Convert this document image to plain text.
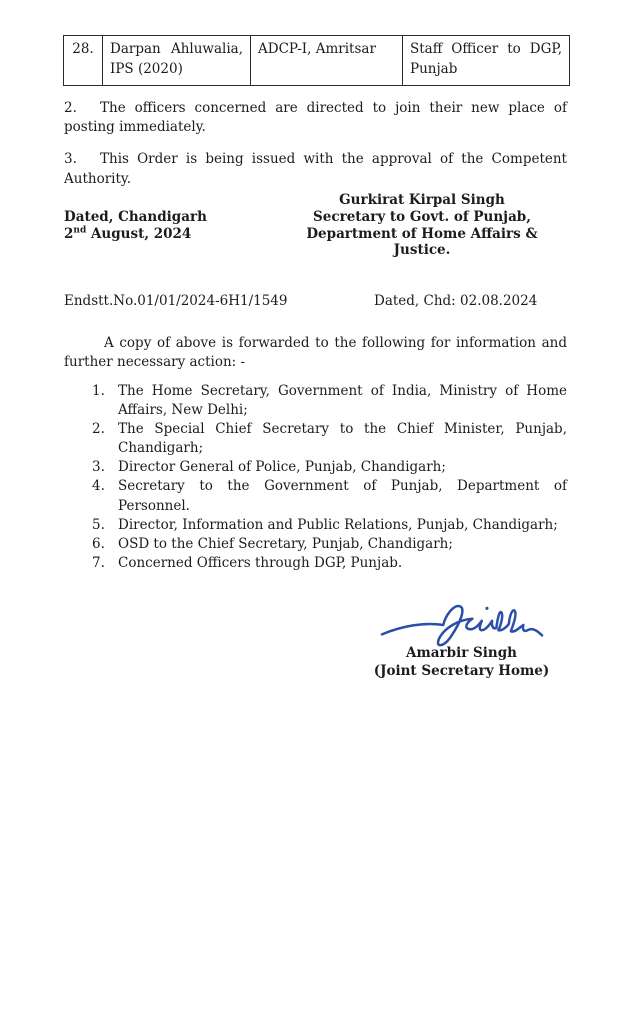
28.	Darpan Ahluwalia, IPS (2020)	ADCP-I, Amritsar	Staff Officer to DGP, Punjab

2. The officers concerned are directed to join their new place of posting immediately.

3. This Order is being issued with the approval of the Competent Authority.

Dated, Chandigarh
2nd August, 2024
Gurkirat Kirpal Singh
Secretary to Govt. of Punjab,
Department of Home Affairs & Justice.
Endstt.No.01/01/2024-6H1/1549	Dated, Chd: 02.08.2024

A copy of above is forwarded to the following for information and further necessary action: -

1. The Home Secretary, Government of India, Ministry of Home Affairs, New Delhi;
2. The Special Chief Secretary to the Chief Minister, Punjab, Chandigarh;
3. Director General of Police, Punjab, Chandigarh;
4. Secretary to the Government of Punjab, Department of Personnel.
5. Director, Information and Public Relations, Punjab, Chandigarh;
6. OSD to the Chief Secretary, Punjab, Chandigarh;
7. Concerned Officers through DGP, Punjab.
Amarbir Singh
(Joint Secretary Home)
